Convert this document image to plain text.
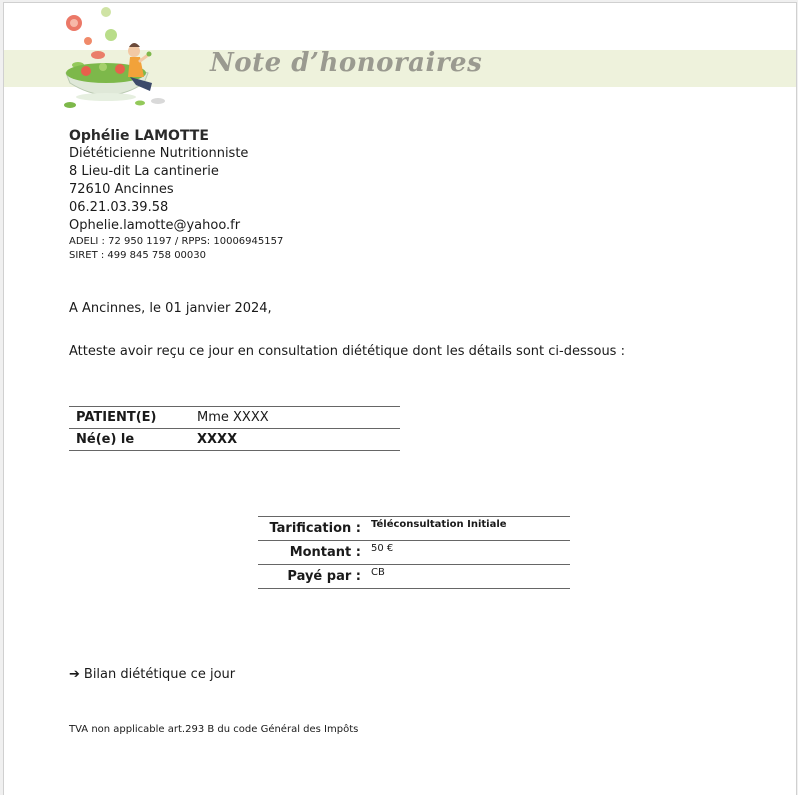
Note d’honoraires
Ophélie LAMOTTE
Diététicienne Nutritionniste
8 Lieu-dit La cantinerie
72610 Ancinnes
06.21.03.39.58
Ophelie.lamotte@yahoo.fr
ADELI : 72 950 1197 / RPPS: 10006945157
SIRET : 499 845 758 00030
A Ancinnes, le 01 janvier 2024,
Atteste avoir reçu ce jour en consultation diététique dont les détails sont ci-dessous :
PATIENT(E)	Mme XXXX
Né(e) le	XXXX
Tarification :	Téléconsultation Initiale
Montant :	50 €
Payé par :	CB
➔ Bilan diététique ce jour
TVA non applicable art.293 B du code Général des Impôts
